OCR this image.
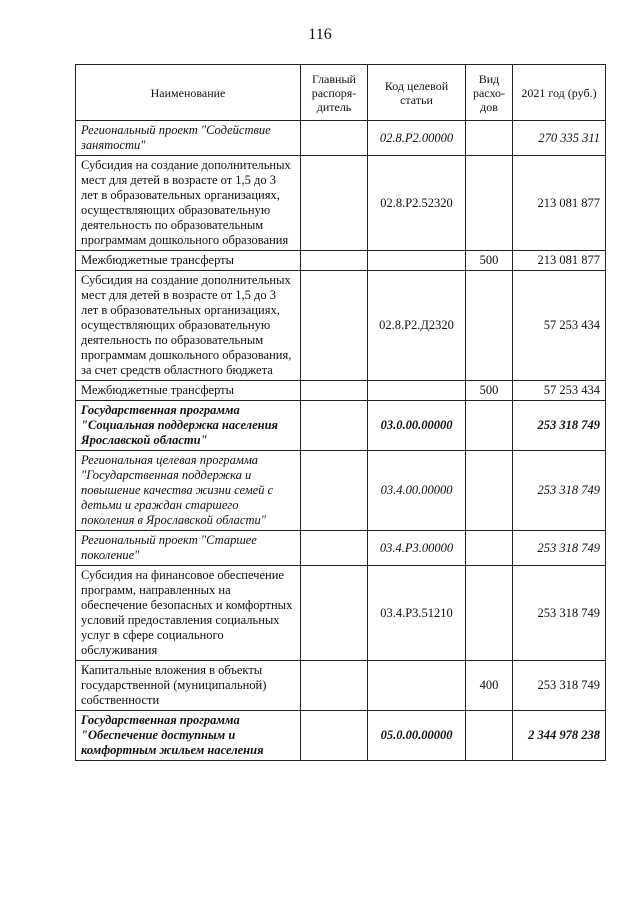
116
Наименование	Главный распоря-дитель	Код целевой статьи	Вид расхо-дов	2021 год (руб.)
Региональный проект "Содействие занятости"		02.8.P2.00000		270 335 311
Субсидия на создание дополнительных мест для детей в возрасте от 1,5 до 3 лет в образовательных организациях, осуществляющих образовательную деятельность по образовательным программам дошкольного образования		02.8.P2.52320		213 081 877
Межбюджетные трансферты			500	213 081 877
Субсидия на создание дополнительных мест для детей в возрасте от 1,5 до 3 лет в образовательных организациях, осуществляющих образовательную деятельность по образовательным программам дошкольного образования, за счет средств областного бюджета		02.8.P2.Д2320		57 253 434
Межбюджетные трансферты			500	57 253 434
Государственная программа "Социальная поддержка населения Ярославской области"		03.0.00.00000		253 318 749
Региональная целевая программа "Государственная поддержка и повышение качества жизни семей с детьми и граждан старшего поколения в Ярославской области"		03.4.00.00000		253 318 749
Региональный проект "Старшее поколение"		03.4.P3.00000		253 318 749
Субсидия на финансовое обеспечение программ, направленных на обеспечение безопасных и комфортных условий предоставления социальных услуг в сфере социального обслуживания		03.4.P3.51210		253 318 749
Капитальные вложения в объекты государственной (муниципальной) собственности			400	253 318 749
Государственная программа "Обеспечение доступным и комфортным жильем населения		05.0.00.00000		2 344 978 238
